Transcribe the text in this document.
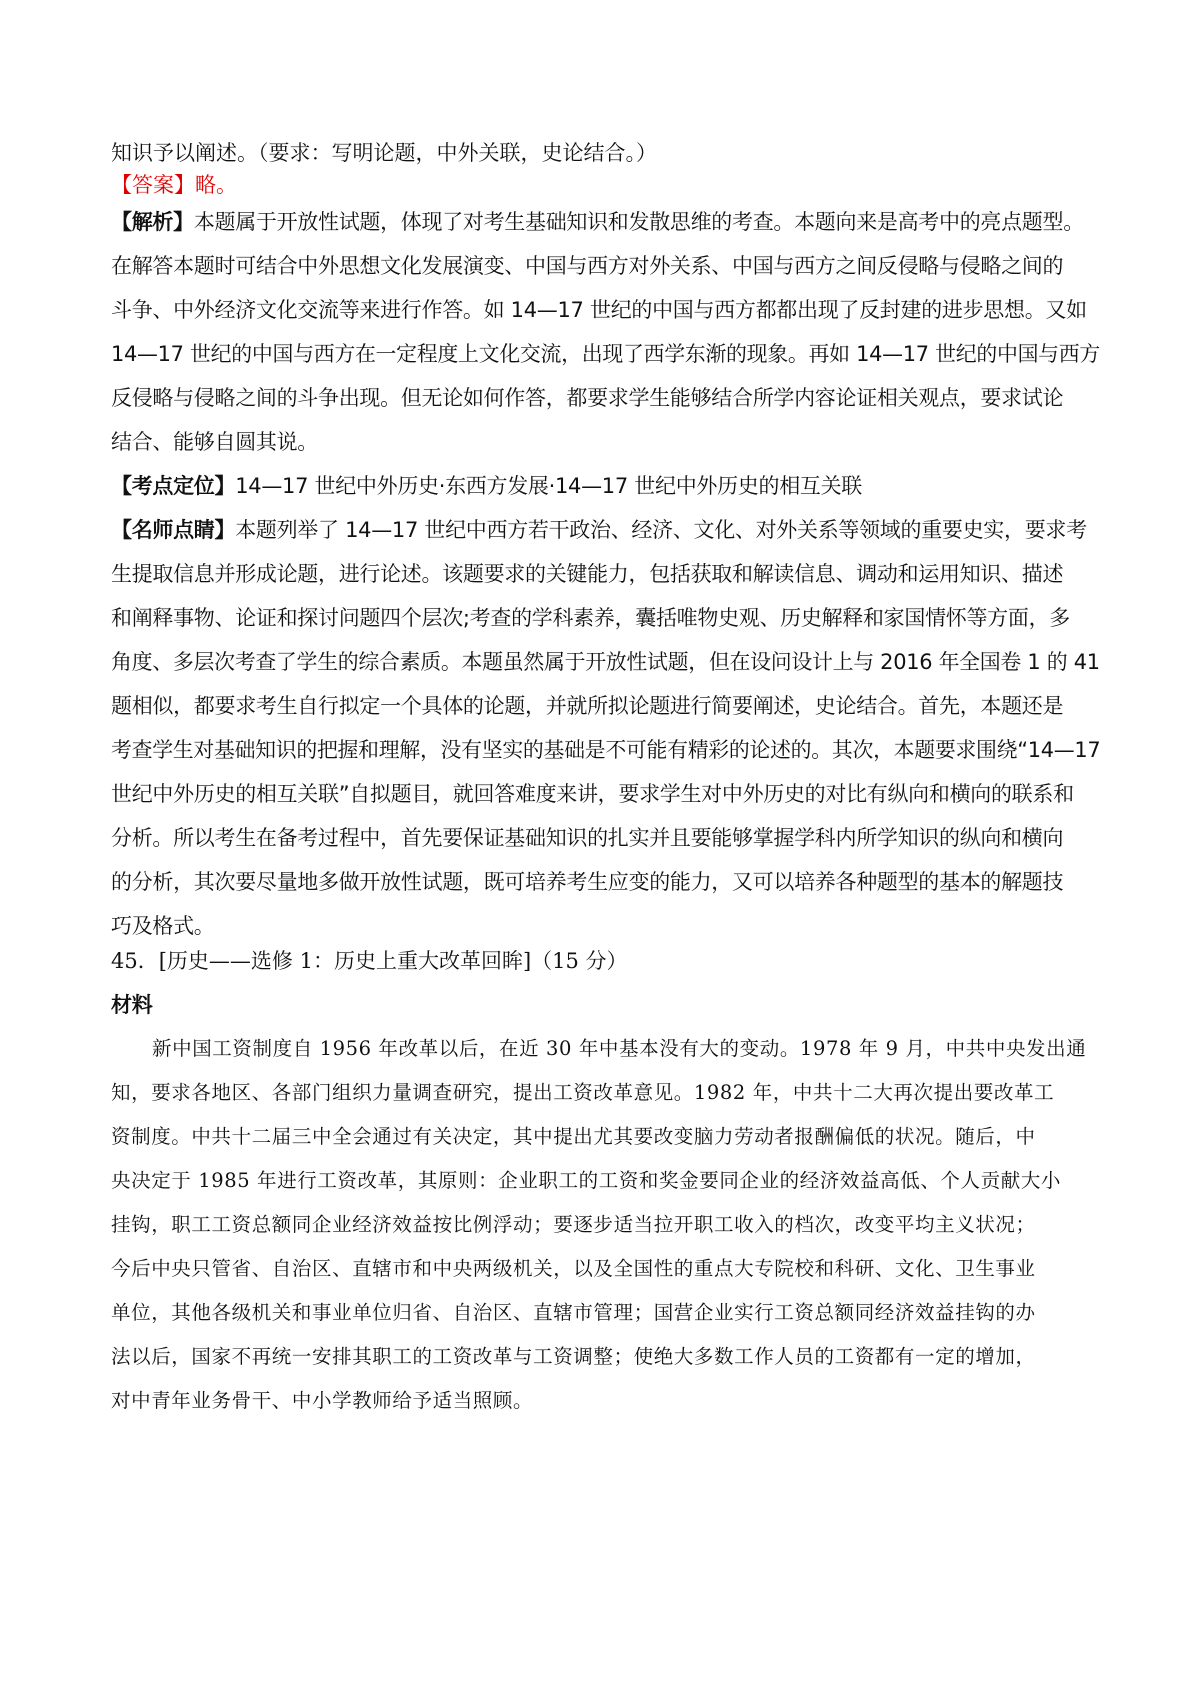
知识予以阐述。（要求：写明论题，中外关联，史论结合。）
【答案】略。
【解析】本题属于开放性试题，体现了对考生基础知识和发散思维的考查。本题向来是高考中的亮点题型。
在解答本题时可结合中外思想文化发展演变、中国与西方对外关系、中国与西方之间反侵略与侵略之间的
斗争、中外经济文化交流等来进行作答。如 14—17 世纪的中国与西方都都出现了反封建的进步思想。又如
14—17 世纪的中国与西方在一定程度上文化交流，出现了西学东渐的现象。再如 14—17 世纪的中国与西方
反侵略与侵略之间的斗争出现。但无论如何作答，都要求学生能够结合所学内容论证相关观点，要求试论
结合、能够自圆其说。
【考点定位】14—17 世纪中外历史·东西方发展·14—17 世纪中外历史的相互关联
【名师点睛】本题列举了 14—17 世纪中西方若干政治、经济、文化、对外关系等领域的重要史实，要求考
生提取信息并形成论题，进行论述。该题要求的关键能力，包括获取和解读信息、调动和运用知识、描述
和阐释事物、论证和探讨问题四个层次;考查的学科素养，囊括唯物史观、历史解释和家国情怀等方面，多
角度、多层次考查了学生的综合素质。本题虽然属于开放性试题，但在设问设计上与 2016 年全国卷 1 的 41
题相似，都要求考生自行拟定一个具体的论题，并就所拟论题进行简要阐述，史论结合。首先，本题还是
考查学生对基础知识的把握和理解，没有坚实的基础是不可能有精彩的论述的。其次，本题要求围绕“14—17
世纪中外历史的相互关联”自拟题目，就回答难度来讲，要求学生对中外历史的对比有纵向和横向的联系和
分析。所以考生在备考过程中，首先要保证基础知识的扎实并且要能够掌握学科内所学知识的纵向和横向
的分析，其次要尽量地多做开放性试题，既可培养考生应变的能力，又可以培养各种题型的基本的解题技
巧及格式。
45．[历史——选修 1：历史上重大改革回眸]（15 分）
材料
新中国工资制度自 1956 年改革以后，在近 30 年中基本没有大的变动。1978 年 9 月，中共中央发出通
知，要求各地区、各部门组织力量调查研究，提出工资改革意见。1982 年，中共十二大再次提出要改革工
资制度。中共十二届三中全会通过有关决定，其中提出尤其要改变脑力劳动者报酬偏低的状况。随后，中
央决定于 1985 年进行工资改革，其原则：企业职工的工资和奖金要同企业的经济效益高低、个人贡献大小
挂钩，职工工资总额同企业经济效益按比例浮动；要逐步适当拉开职工收入的档次，改变平均主义状况；
今后中央只管省、自治区、直辖市和中央两级机关，以及全国性的重点大专院校和科研、文化、卫生事业
单位，其他各级机关和事业单位归省、自治区、直辖市管理；国营企业实行工资总额同经济效益挂钩的办
法以后，国家不再统一安排其职工的工资改革与工资调整；使绝大多数工作人员的工资都有一定的增加，
对中青年业务骨干、中小学教师给予适当照顾。
